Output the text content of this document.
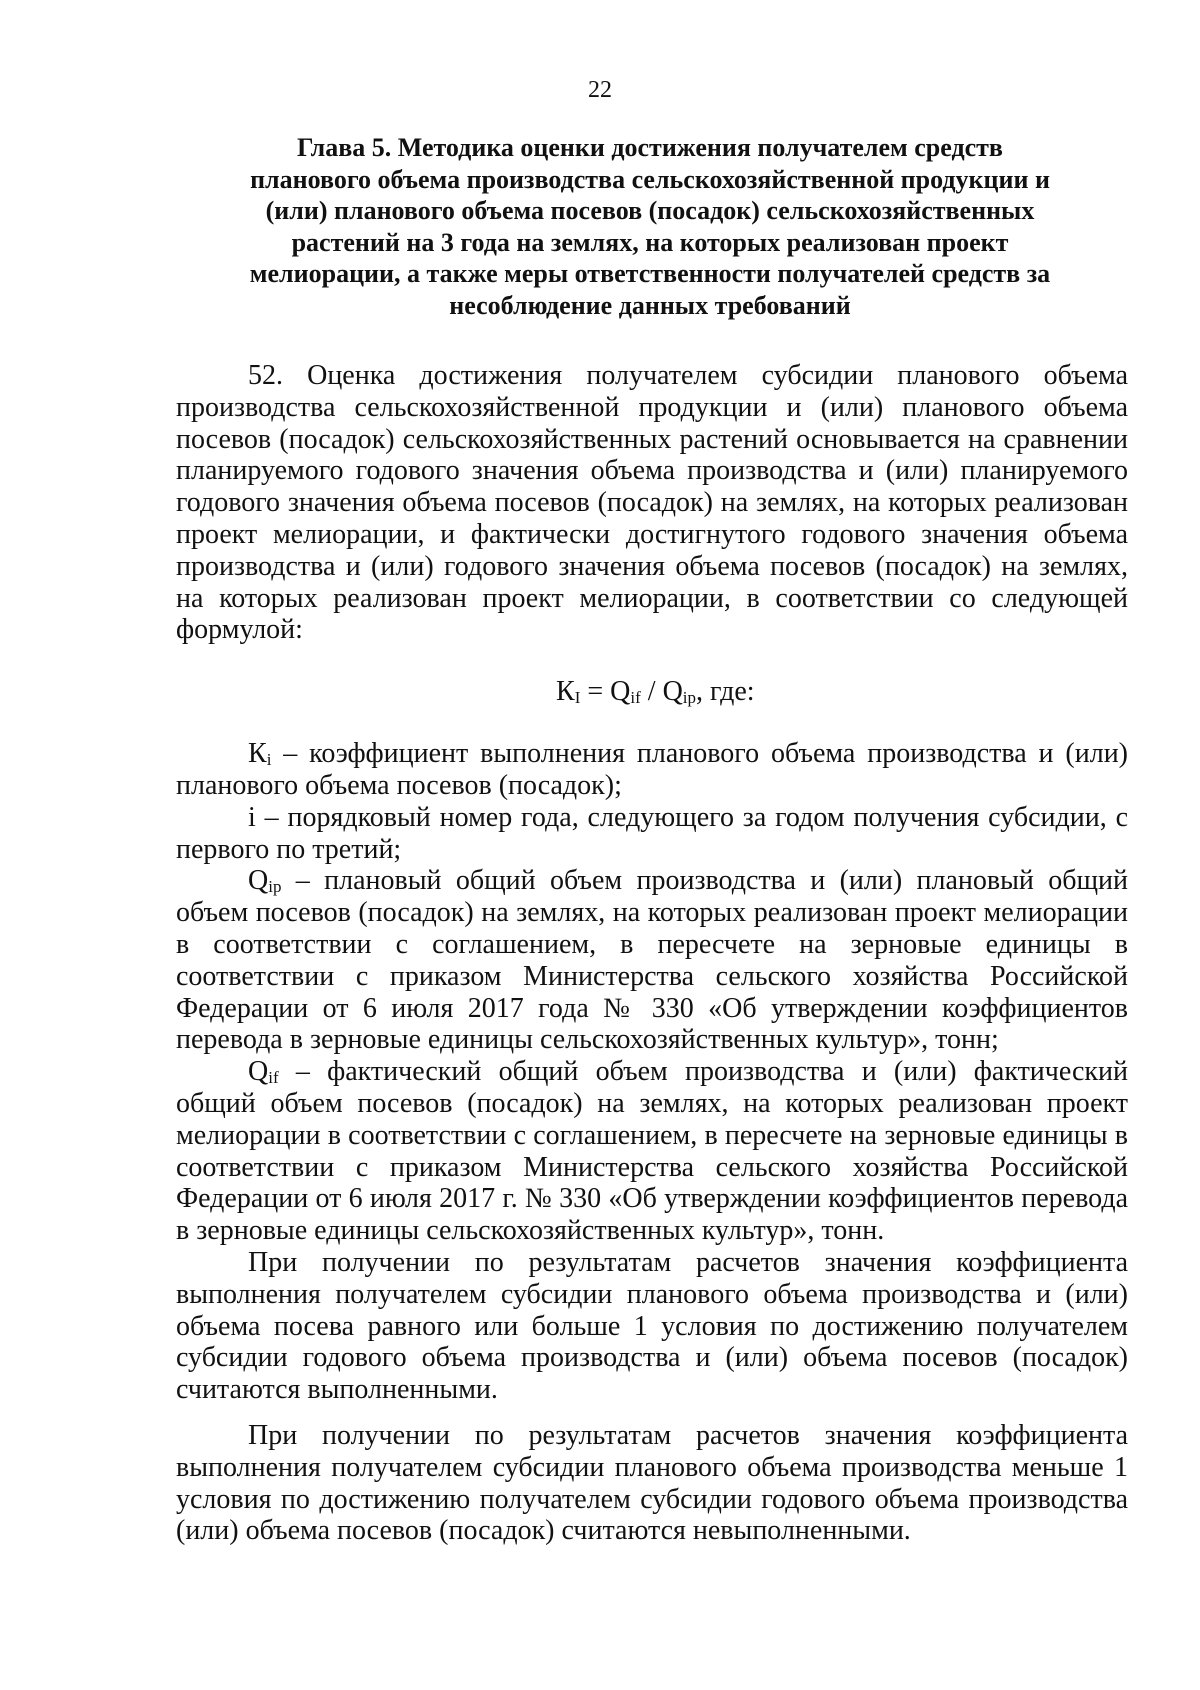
22
Глава 5. Методика оценки достижения получателем средств
планового объема производства сельскохозяйственной продукции и
(или) планового объема посевов (посадок) сельскохозяйственных
растений на 3 года на землях, на которых реализован проект
мелиорации, а также меры ответственности получателей средств за
несоблюдение данных требований

52. Оценка достижения получателем субсидии планового объема производства сельскохозяйственной продукции и (или) планового объема посевов (посадок) сельскохозяйственных растений основывается на сравнении планируемого годового значения объема производства и (или) планируемого годового значения объема посевов (посадок) на землях, на которых реализован проект мелиорации, и фактически достигнутого годового значения объема производства и (или) годового значения объема посевов (посадок) на землях, на которых реализован проект мелиорации, в соответствии со следующей формулой:

$К_I = Q_{if} / Q_{ip}$, где:

$К_i$ – коэффициент выполнения планового объема производства и (или) планового объема посевов (посадок);

i – порядковый номер года, следующего за годом получения субсидии, с первого по третий;

$Q_{ip}$ – плановый общий объем производства и (или) плановый общий объем посевов (посадок) на землях, на которых реализован проект мелиорации в соответствии с соглашением, в пересчете на зерновые единицы в соответствии с приказом Министерства сельского хозяйства Российской Федерации от 6 июля 2017 года № 330 «Об утверждении коэффициентов перевода в зерновые единицы сельскохозяйственных культур», тонн;

$Q_{if}$ – фактический общий объем производства и (или) фактический общий объем посевов (посадок) на землях, на которых реализован проект мелиорации в соответствии с соглашением, в пересчете на зерновые единицы в соответствии с приказом Министерства сельского хозяйства Российской Федерации от 6 июля 2017 г. № 330 «Об утверждении коэффициентов перевода в зерновые единицы сельскохозяйственных культур», тонн.

При получении по результатам расчетов значения коэффициента выполнения получателем субсидии планового объема производства и (или) объема посева равного или больше 1 условия по достижению получателем субсидии годового объема производства и (или) объема посевов (посадок) считаются выполненными.

При получении по результатам расчетов значения коэффициента выполнения получателем субсидии планового объема производства меньше 1 условия по достижению получателем субсидии годового объема производства (или) объема посевов (посадок) считаются невыполненными.
